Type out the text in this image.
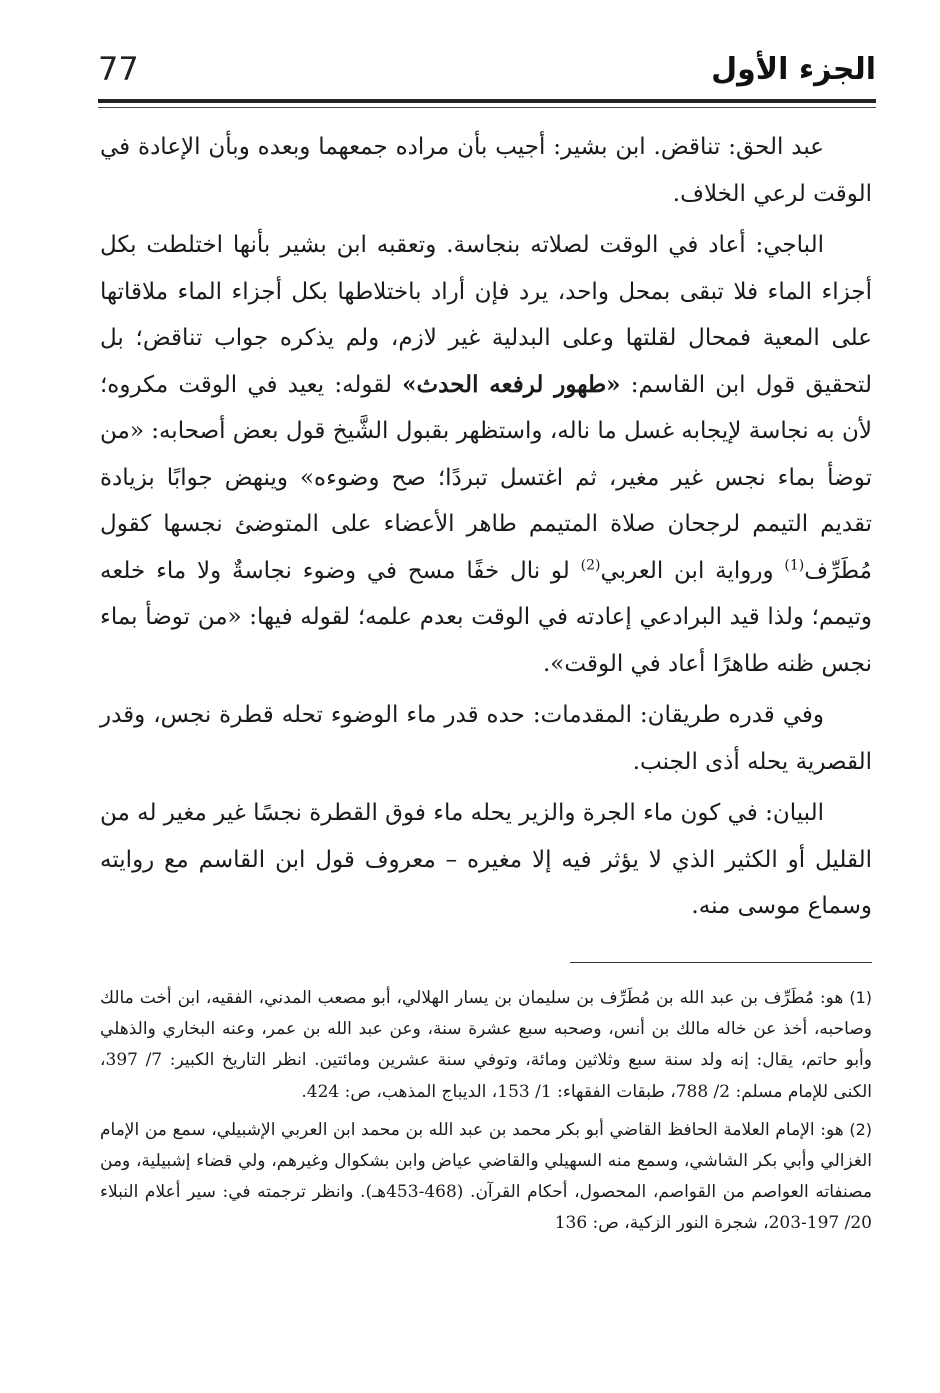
77	الجزء الأول

عبد الحق: تناقض. ابن بشير: أجيب بأن مراده جمعهما وبعده وبأن الإعادة في الوقت لرعي الخلاف.

الباجي: أعاد في الوقت لصلاته بنجاسة. وتعقبه ابن بشير بأنها اختلطت بكل أجزاء الماء فلا تبقى بمحل واحد، يرد فإن أراد باختلاطها بكل أجزاء الماء ملاقاتها على المعية فمحال لقلتها وعلى البدلية غير لازم، ولم يذكره جواب تناقض؛ بل لتحقيق قول ابن القاسم: «طهور لرفعه الحدث» لقوله: يعيد في الوقت مكروه؛ لأن به نجاسة لإيجابه غسل ما ناله، واستظهر بقبول الشَّيخ قول بعض أصحابه: «من توضأ بماء نجس غير مغير، ثم اغتسل تبردًا؛ صح وضوءه» وينهض جوابًا بزيادة تقديم التيمم لرجحان صلاة المتيمم طاهر الأعضاء على المتوضئ نجسها كقول مُطَرِّف$^{(1)}$ ورواية ابن العربي$^{(2)}$ لو نال خفًا مسح في وضوء نجاسةٌ ولا ماء خلعه وتيمم؛ ولذا قيد البرادعي إعادته في الوقت بعدم علمه؛ لقوله فيها: «من توضأ بماء نجس ظنه طاهرًا أعاد في الوقت».

وفي قدره طريقان: المقدمات: حده قدر ماء الوضوء تحله قطرة نجس، وقدر القصرية يحله أذى الجنب.

البيان: في كون ماء الجرة والزير يحله ماء فوق القطرة نجسًا غير مغير له من القليل أو الكثير الذي لا يؤثر فيه إلا مغيره – معروف قول ابن القاسم مع روايته وسماع موسى منه.

(1) هو: مُطَرِّف بن عبد الله بن مُطَرِّف بن سليمان بن يسار الهلالي، أبو مصعب المدني، الفقيه، ابن أخت مالك وصاحبه، أخذ عن خاله مالك بن أنس، وصحبه سبع عشرة سنة، وعن عبد الله بن عمر، وعنه البخاري والذهلي وأبو حاتم، يقال: إنه ولد سنة سبع وثلاثين ومائة، وتوفي سنة عشرين ومائتين. انظر التاريخ الكبير: 7/ 397، الكنى للإمام مسلم: 2/ 788، طبقات الفقهاء: 1/ 153، الديباج المذهب، ص: 424.

(2) هو: الإمام العلامة الحافظ القاضي أبو بكر محمد بن عبد الله بن محمد ابن العربي الإشبيلي، سمع من الإمام الغزالي وأبي بكر الشاشي، وسمع منه السهيلي والقاضي عياض وابن بشكوال وغيرهم، ولي قضاء إشبيلية، ومن مصنفاته العواصم من القواصم، المحصول، أحكام القرآن. (468-453هـ). وانظر ترجمته في: سير أعلام النبلاء 20/ 197-203، شجرة النور الزكية، ص: 136
